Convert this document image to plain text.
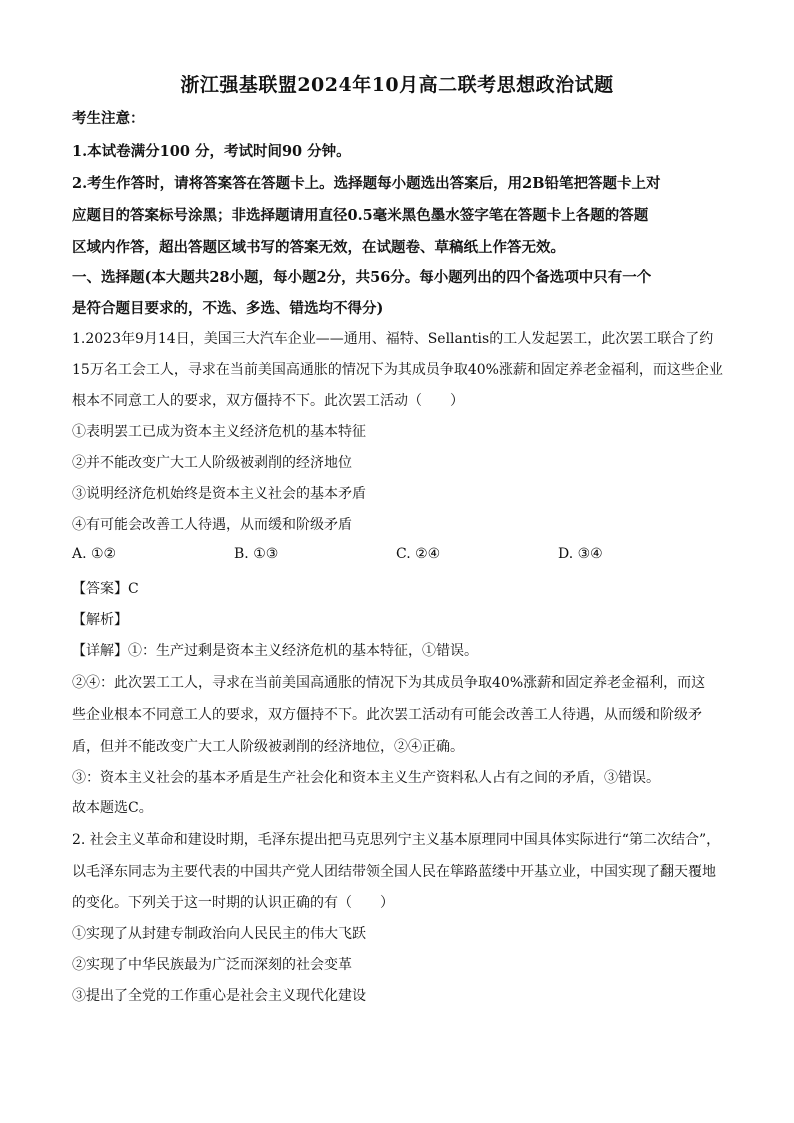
浙江强基联盟2024年10月高二联考思想政治试题
考生注意：
1.本试卷满分100 分，考试时间90 分钟。
2.考生作答时，请将答案答在答题卡上。选择题每小题选出答案后，用2B铅笔把答题卡上对
应题目的答案标号涂黑；非选择题请用直径0.5毫米黑色墨水签字笔在答题卡上各题的答题
区域内作答，超出答题区域书写的答案无效，在试题卷、草稿纸上作答无效。
一、选择题(本大题共28小题，每小题2分，共56分。每小题列出的四个备选项中只有一个
是符合题目要求的，不选、多选、错选均不得分)
1.2023年9月14日，美国三大汽车企业——通用、福特、Sellantis的工人发起罢工，此次罢工联合了约
15万名工会工人，寻求在当前美国高通胀的情况下为其成员争取40%涨薪和固定养老金福利，而这些企业
根本不同意工人的要求，双方僵持不下。此次罢工活动（　　）
①表明罢工已成为资本主义经济危机的基本特征
②并不能改变广大工人阶级被剥削的经济地位
③说明经济危机始终是资本主义社会的基本矛盾
④有可能会改善工人待遇，从而缓和阶级矛盾
A. ①②	B. ①③	C. ②④	D. ③④
【答案】C
【解析】
【详解】①：生产过剩是资本主义经济危机的基本特征，①错误。
②④：此次罢工工人，寻求在当前美国高通胀的情况下为其成员争取40%涨薪和固定养老金福利，而这
些企业根本不同意工人的要求，双方僵持不下。此次罢工活动有可能会改善工人待遇，从而缓和阶级矛
盾，但并不能改变广大工人阶级被剥削的经济地位，②④正确。
③：资本主义社会的基本矛盾是生产社会化和资本主义生产资料私人占有之间的矛盾，③错误。
故本题选C。
2. 社会主义革命和建设时期，毛泽东提出把马克思列宁主义基本原理同中国具体实际进行“第二次结合”，
以毛泽东同志为主要代表的中国共产党人团结带领全国人民在筚路蓝缕中开基立业，中国实现了翻天覆地
的变化。下列关于这一时期的认识正确的有（　　）
①实现了从封建专制政治向人民民主的伟大飞跃
②实现了中华民族最为广泛而深刻的社会变革
③提出了全党的工作重心是社会主义现代化建设
